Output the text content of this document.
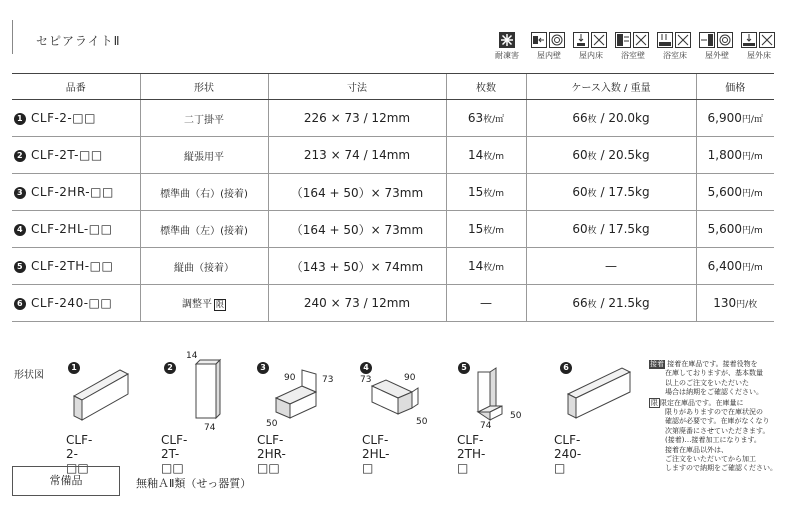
セピアライトⅡ
耐凍害	屋内壁	屋内床	浴室壁	浴室床	屋外壁	屋外床
品番	形状	寸法	枚数	ケース入数 / 重量	価格
1 CLF-2-□□	二丁掛平	226 × 73 / 12mm	63枚/㎡	66枚 / 20.0kg	6,900円/㎡
2 CLF-2T-□□	縦張用平	213 × 74 / 14mm	14枚/m	60枚 / 20.5kg	1,800円/m
3 CLF-2HR-□□	標準曲（右）(接着)	（164 + 50）× 73mm	15枚/m	60枚 / 17.5kg	5,600円/m
4 CLF-2HL-□□	標準曲（左）(接着)	（164 + 50）× 73mm	15枚/m	60枚 / 17.5kg	5,600円/m
5 CLF-2TH-□□	縦曲（接着）	（143 + 50）× 74mm	14枚/m	—	6,400円/m
6 CLF-240-□□	調整平 限	240 × 73 / 12mm	—	66枚 / 21.5kg	130円/枚
形状図
1
CLF-2-□□
2
14
74
CLF-2T-□□
3
90	73
50
CLF-2HR-□□
4
73	90
50
CLF-2HL-□
5
74
50
CLF-2TH-□
6
CLF-240-□
接着 接着在庫品です。接着役物を
在庫しておりますが、基本数量
以上のご注文をいただいた
場合は納期をご確認ください。
限 限定在庫品です。在庫量に
限りがありますので在庫状況の
確認が必要です。在庫がなくなり
次第廃番にさせていただきます。
(接着)…接着加工になります。
接着在庫品以外は、
ご注文をいただいてから加工
しますので納期をご確認ください。
常備品	無釉ＡⅡ類（せっ器質）
